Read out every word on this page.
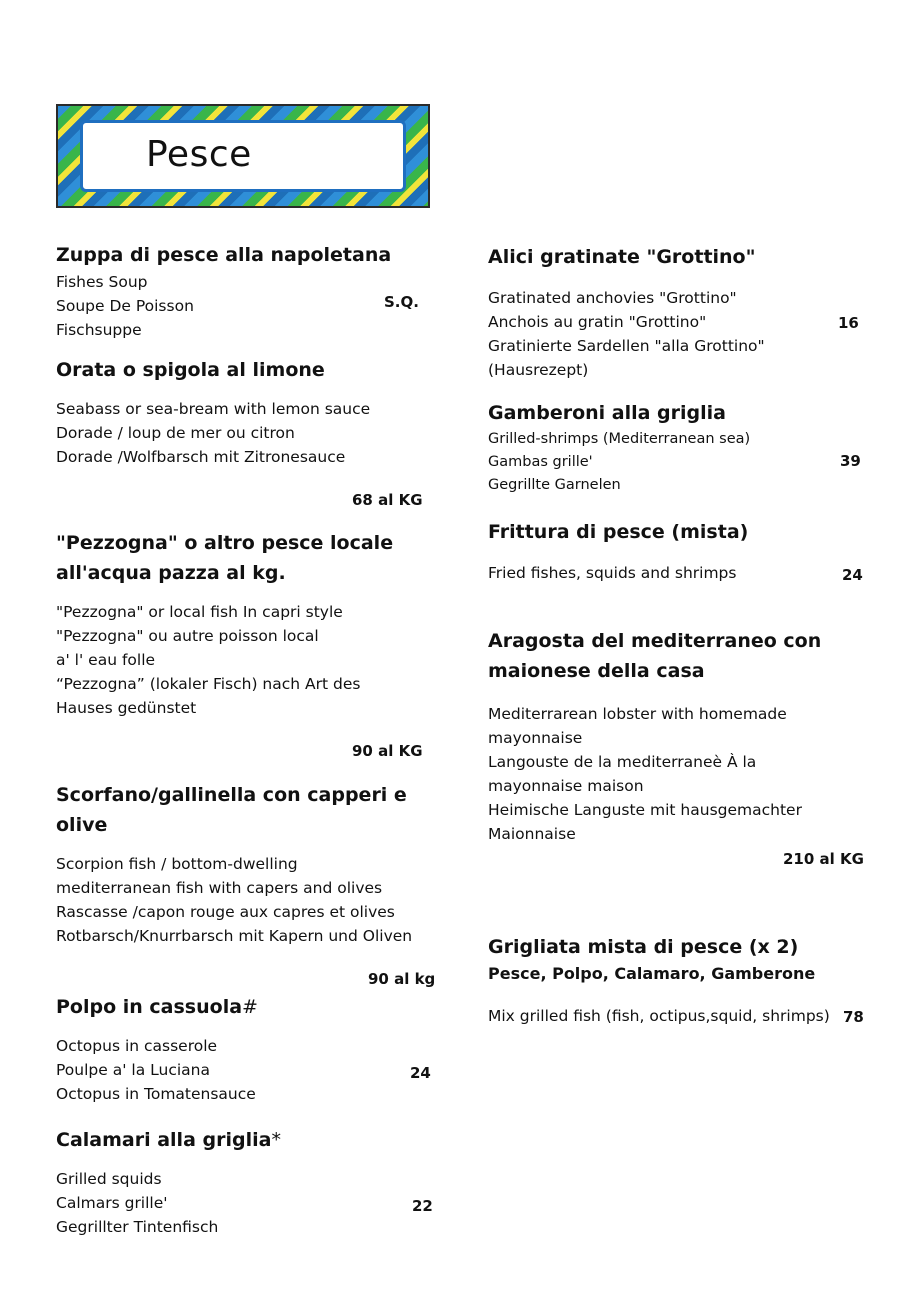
Pesce
Zuppa di pesce alla napoletana
Fishes Soup
Soupe De Poisson
Fischsuppe
S.Q.
Orata o spigola al limone
Seabass or sea-bream with lemon sauce
Dorade / loup de mer ou citron
Dorade /Wolfbarsch mit Zitronesauce
68 al KG
"Pezzogna" o altro pesce locale
all'acqua pazza al kg.
"Pezzogna" or local fish In capri style
"Pezzogna" ou autre poisson local
a' l' eau folle
“Pezzogna” (lokaler Fisch) nach Art des
Hauses gedünstet
90 al KG
Scorfano/gallinella con capperi e
olive
Scorpion fish / bottom-dwelling
mediterranean fish with capers and olives
Rascasse /capon rouge aux capres et olives
Rotbarsch/Knurrbarsch mit Kapern und Oliven
90 al kg
Polpo in cassuola#
Octopus in casserole
Poulpe a' la Luciana
Octopus in Tomatensauce
24
Calamari alla griglia*
Grilled squids
Calmars grille'
Gegrillter Tintenfisch
22
Alici gratinate "Grottino"
Gratinated anchovies "Grottino"
Anchois au gratin "Grottino"
Gratinierte Sardellen "alla Grottino"
(Hausrezept)
16
Gamberoni alla griglia
Grilled-shrimps (Mediterranean sea)
Gambas grille'
Gegrillte Garnelen
39
Frittura di pesce (mista)
Fried fishes, squids and shrimps	24
Aragosta del mediterraneo con
maionese della casa
Mediterrarean lobster with homemade
mayonnaise
Langouste de la mediterraneè À la
mayonnaise maison
Heimische Languste mit hausgemachter
Maionnaise
210 al KG
Grigliata mista di pesce (x 2)
Pesce, Polpo, Calamaro, Gamberone
Mix grilled fish (fish, octipus,squid, shrimps) 78
